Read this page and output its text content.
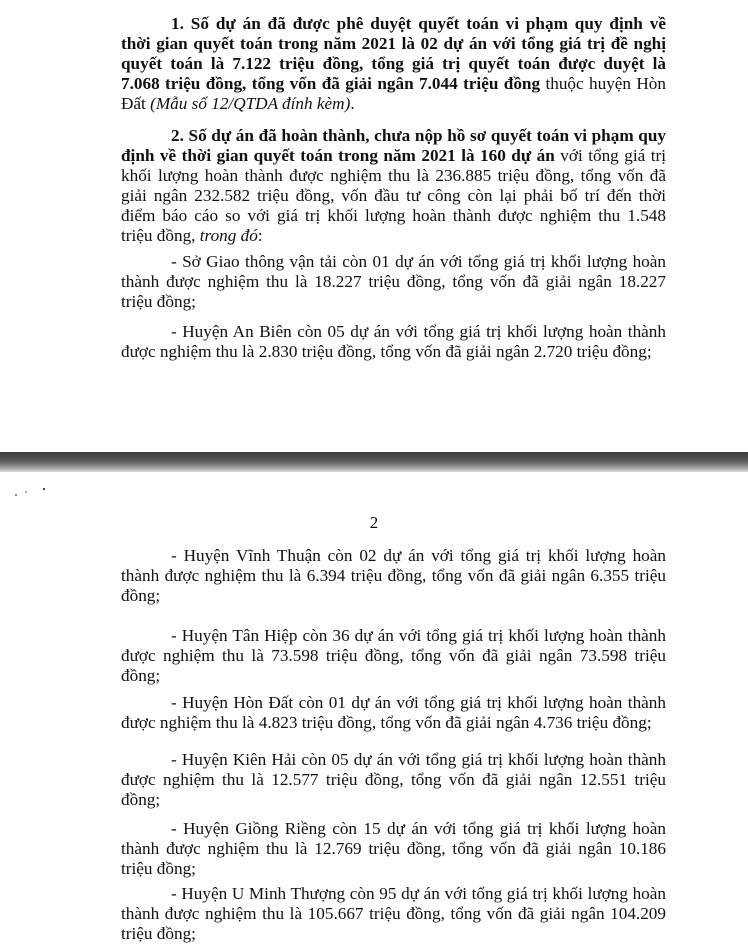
1. Số dự án đã được phê duyệt quyết toán vi phạm quy định về
thời gian quyết toán trong năm 2021 là 02 dự án với tổng giá trị đề nghị
quyết toán là 7.122 triệu đồng, tổng giá trị quyết toán được duyệt là
7.068 triệu đồng, tổng vốn đã giải ngân 7.044 triệu đồng thuộc huyện Hòn
Đất (Mẫu số 12/QTDA đính kèm).

2. Số dự án đã hoàn thành, chưa nộp hồ sơ quyết toán vi phạm quy
định về thời gian quyết toán trong năm 2021 là 160 dự án với tổng giá trị
khối lượng hoàn thành được nghiệm thu là 236.885 triệu đồng, tổng vốn đã
giải ngân 232.582 triệu đồng, vốn đầu tư công còn lại phải bố trí đến thời
điểm báo cáo so với giá trị khối lượng hoàn thành được nghiệm thu 1.548
triệu đồng, trong đó:

- Sở Giao thông vận tải còn 01 dự án với tổng giá trị khối lượng hoàn
thành được nghiệm thu là 18.227 triệu đồng, tổng vốn đã giải ngân 18.227
triệu đồng;

- Huyện An Biên còn 05 dự án với tổng giá trị khối lượng hoàn thành
được nghiệm thu là 2.830 triệu đồng, tổng vốn đã giải ngân 2.720 triệu đồng;

2

- Huyện Vĩnh Thuận còn 02 dự án với tổng giá trị khối lượng hoàn
thành được nghiệm thu là 6.394 triệu đồng, tổng vốn đã giải ngân 6.355 triệu
đồng;

- Huyện Tân Hiệp còn 36 dự án với tổng giá trị khối lượng hoàn thành
được nghiệm thu là 73.598 triệu đồng, tổng vốn đã giải ngân 73.598 triệu
đồng;

- Huyện Hòn Đất còn 01 dự án với tổng giá trị khối lượng hoàn thành
được nghiệm thu là 4.823 triệu đồng, tổng vốn đã giải ngân 4.736 triệu đồng;

- Huyện Kiên Hải còn 05 dự án với tổng giá trị khối lượng hoàn thành
được nghiệm thu là 12.577 triệu đồng, tổng vốn đã giải ngân 12.551 triệu
đồng;

- Huyện Giồng Riềng còn 15 dự án với tổng giá trị khối lượng hoàn
thành được nghiệm thu là 12.769 triệu đồng, tổng vốn đã giải ngân 10.186
triệu đồng;

- Huyện U Minh Thượng còn 95 dự án với tổng giá trị khối lượng hoàn
thành được nghiệm thu là 105.667 triệu đồng, tổng vốn đã giải ngân 104.209
triệu đồng;
